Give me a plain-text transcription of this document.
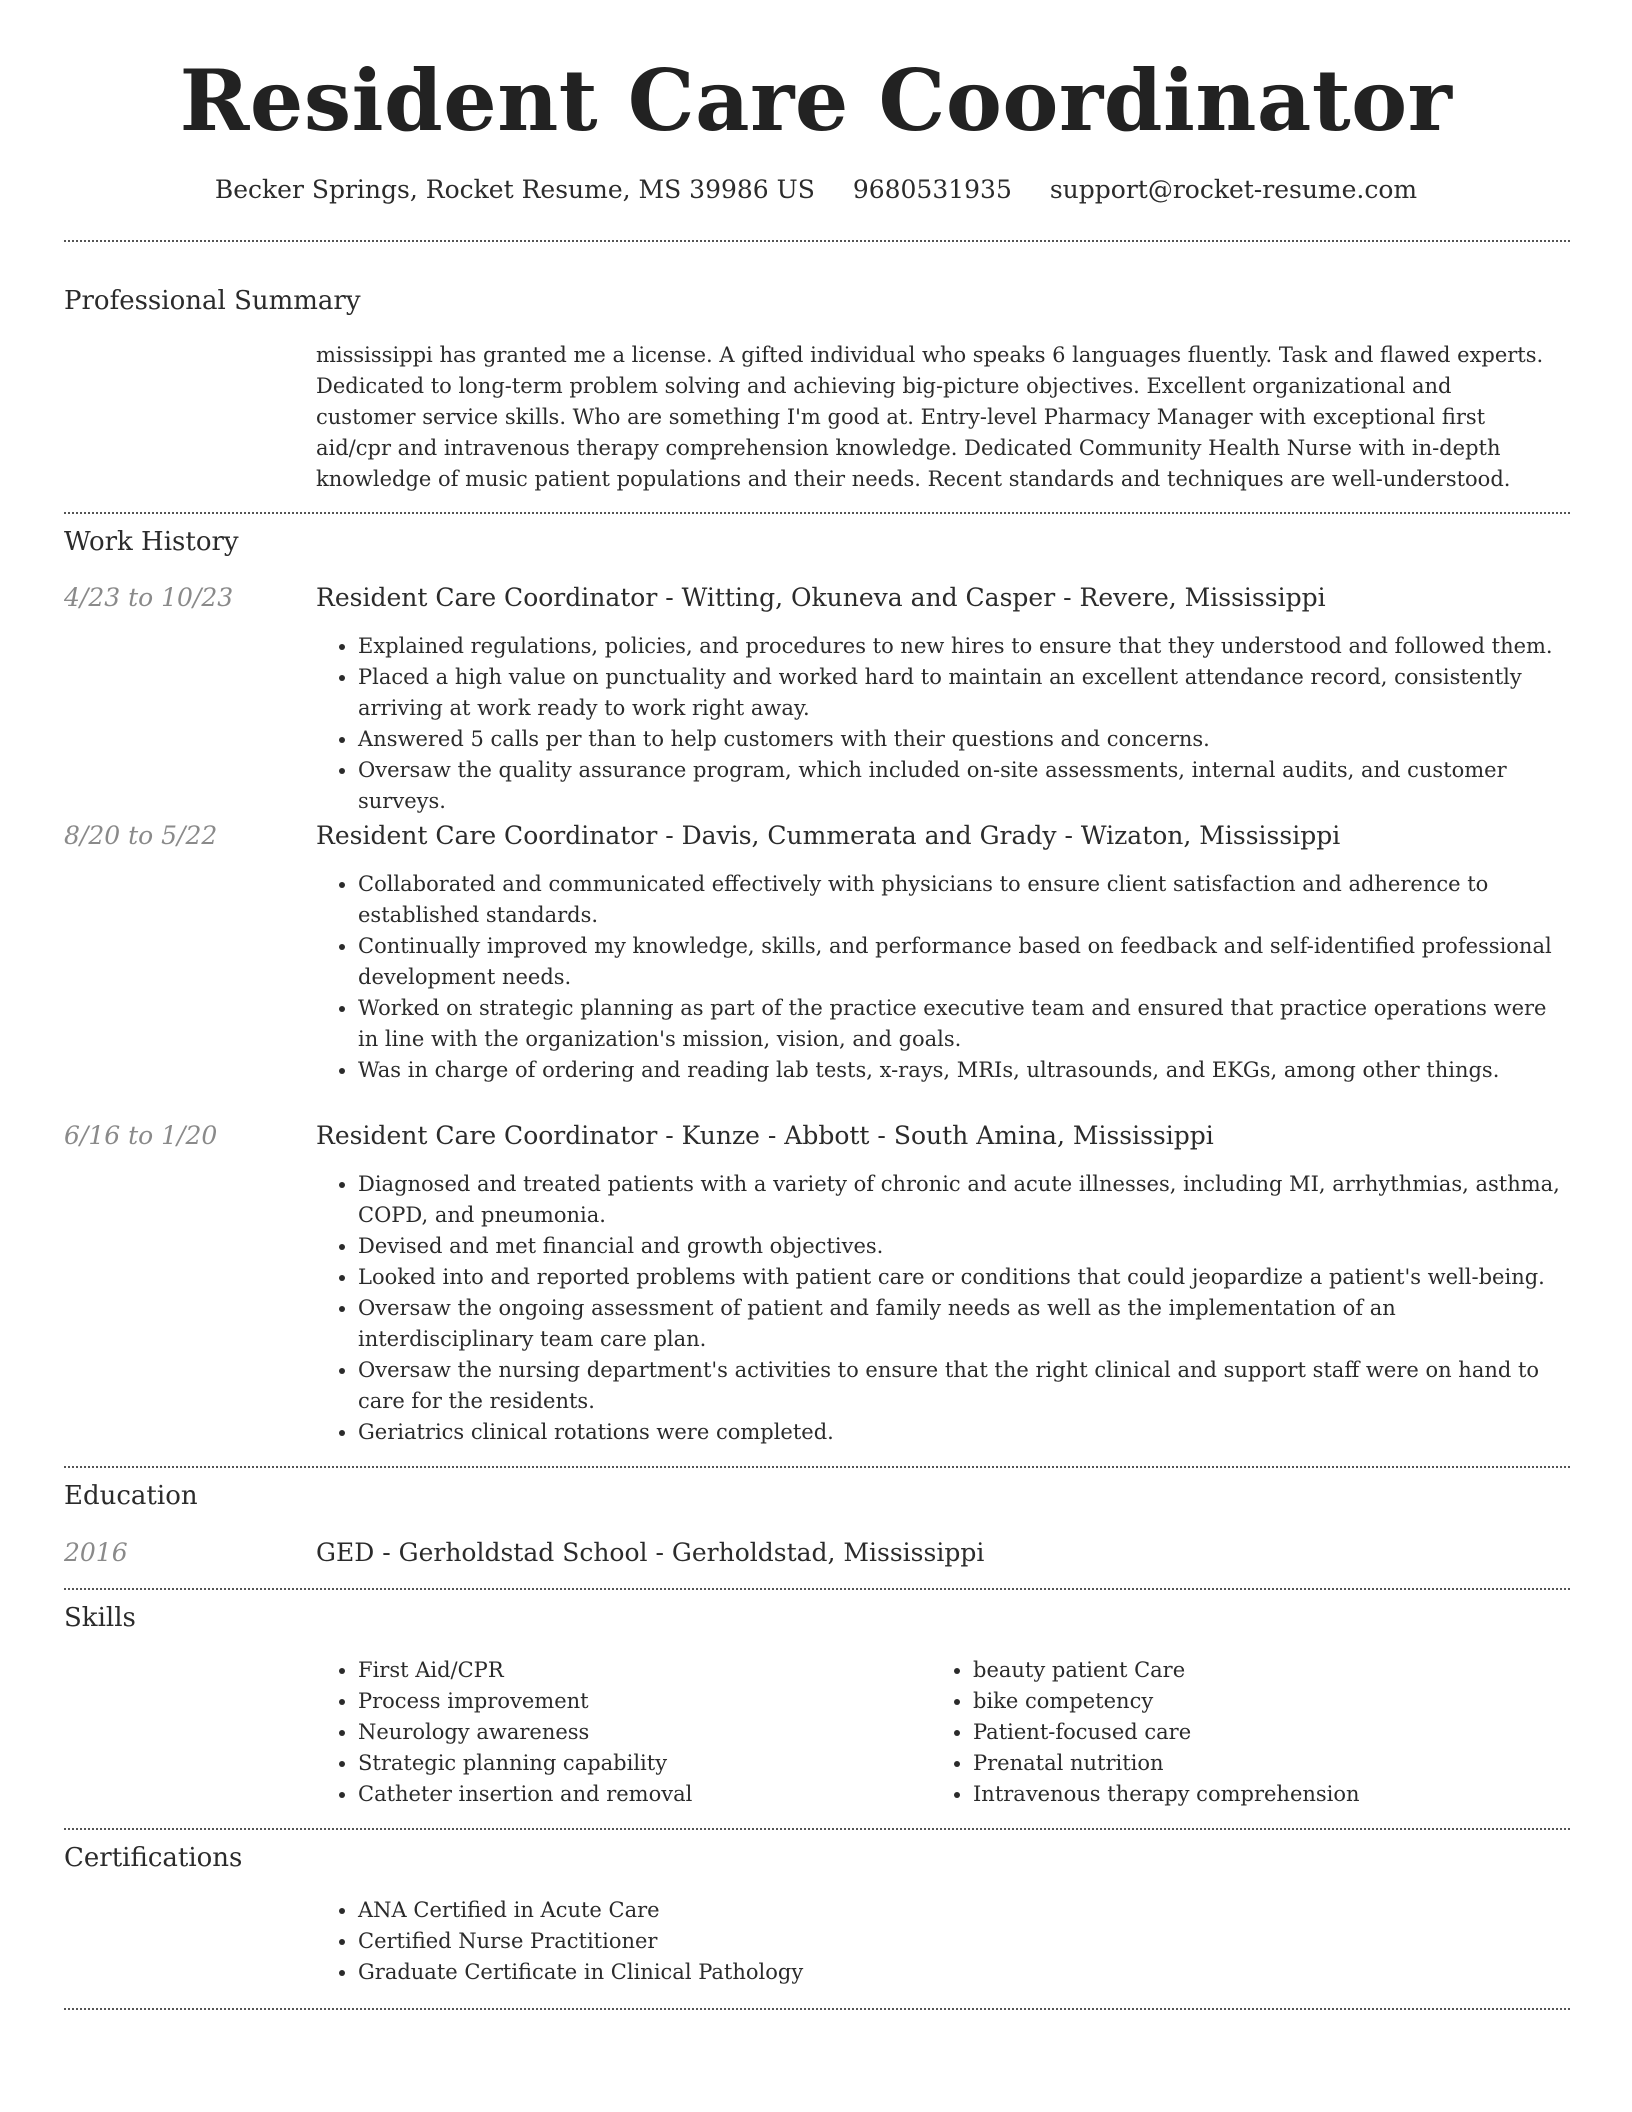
Resident Care Coordinator
Becker Springs, Rocket Resume, MS 39986 US 9680531935 support@rocket-resume.com
Professional Summary

mississippi has granted me a license. A gifted individual who speaks 6 languages fluently. Task and flawed experts. Dedicated to long-term problem solving and achieving big-picture objectives. Excellent organizational and customer service skills. Who are something I'm good at. Entry-level Pharmacy Manager with exceptional first aid/cpr and intravenous therapy comprehension knowledge. Dedicated Community Health Nurse with in-depth knowledge of music patient populations and their needs. Recent standards and techniques are well-understood.

Work History
4/23 to 10/23	Resident Care Coordinator - Witting, Okuneva and Casper - Revere, Mississippi
• Explained regulations, policies, and procedures to new hires to ensure that they understood and followed them.
• Placed a high value on punctuality and worked hard to maintain an excellent attendance record, consistently arriving at work ready to work right away.
• Answered 5 calls per than to help customers with their questions and concerns.
• Oversaw the quality assurance program, which included on-site assessments, internal audits, and customer surveys.
8/20 to 5/22	Resident Care Coordinator - Davis, Cummerata and Grady - Wizaton, Mississippi
• Collaborated and communicated effectively with physicians to ensure client satisfaction and adherence to established standards.
• Continually improved my knowledge, skills, and performance based on feedback and self-identified professional development needs.
• Worked on strategic planning as part of the practice executive team and ensured that practice operations were in line with the organization's mission, vision, and goals.
• Was in charge of ordering and reading lab tests, x-rays, MRIs, ultrasounds, and EKGs, among other things.
6/16 to 1/20	Resident Care Coordinator - Kunze - Abbott - South Amina, Mississippi
• Diagnosed and treated patients with a variety of chronic and acute illnesses, including MI, arrhythmias, asthma, COPD, and pneumonia.
• Devised and met financial and growth objectives.
• Looked into and reported problems with patient care or conditions that could jeopardize a patient's well-being.
• Oversaw the ongoing assessment of patient and family needs as well as the implementation of an interdisciplinary team care plan.
• Oversaw the nursing department's activities to ensure that the right clinical and support staff were on hand to care for the residents.
• Geriatrics clinical rotations were completed.
Education
2016	GED - Gerholdstad School - Gerholdstad, Mississippi
Skills
• First Aid/CPR
• Process improvement
• Neurology awareness
• Strategic planning capability
• Catheter insertion and removal
• beauty patient Care
• bike competency
• Patient-focused care
• Prenatal nutrition
• Intravenous therapy comprehension
Certifications
• ANA Certified in Acute Care
• Certified Nurse Practitioner
• Graduate Certificate in Clinical Pathology
